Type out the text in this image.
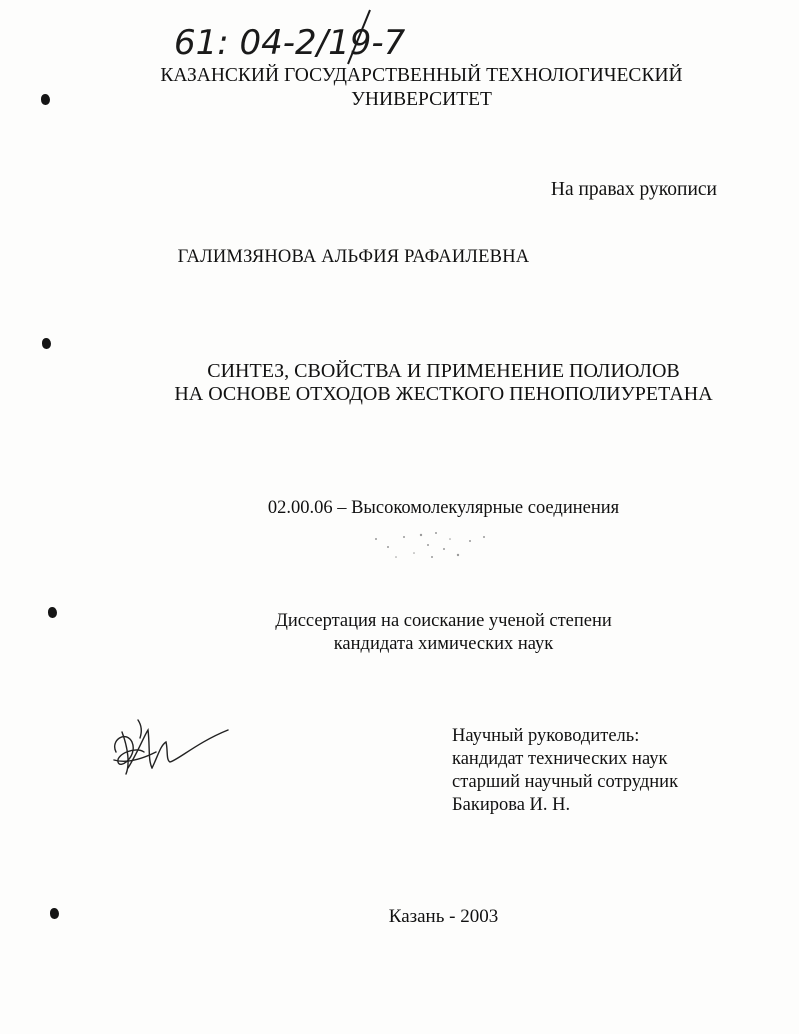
61: 04-2/19-7
КАЗАНСКИЙ ГОСУДАРСТВЕННЫЙ ТЕХНОЛОГИЧЕСКИЙ
УНИВЕРСИТЕТ
На правах рукописи
ГАЛИМЗЯНОВА АЛЬФИЯ РАФАИЛЕВНА
СИНТЕЗ, СВОЙСТВА И ПРИМЕНЕНИЕ ПОЛИОЛОВ
НА ОСНОВЕ ОТХОДОВ ЖЕСТКОГО ПЕНОПОЛИУРЕТАНА
02.00.06 – Высокомолекулярные соединения
Диссертация на соискание ученой степени
кандидата химических наук
Научный руководитель:
кандидат технических наук
старший научный сотрудник
Бакирова И. Н.
Казань - 2003
